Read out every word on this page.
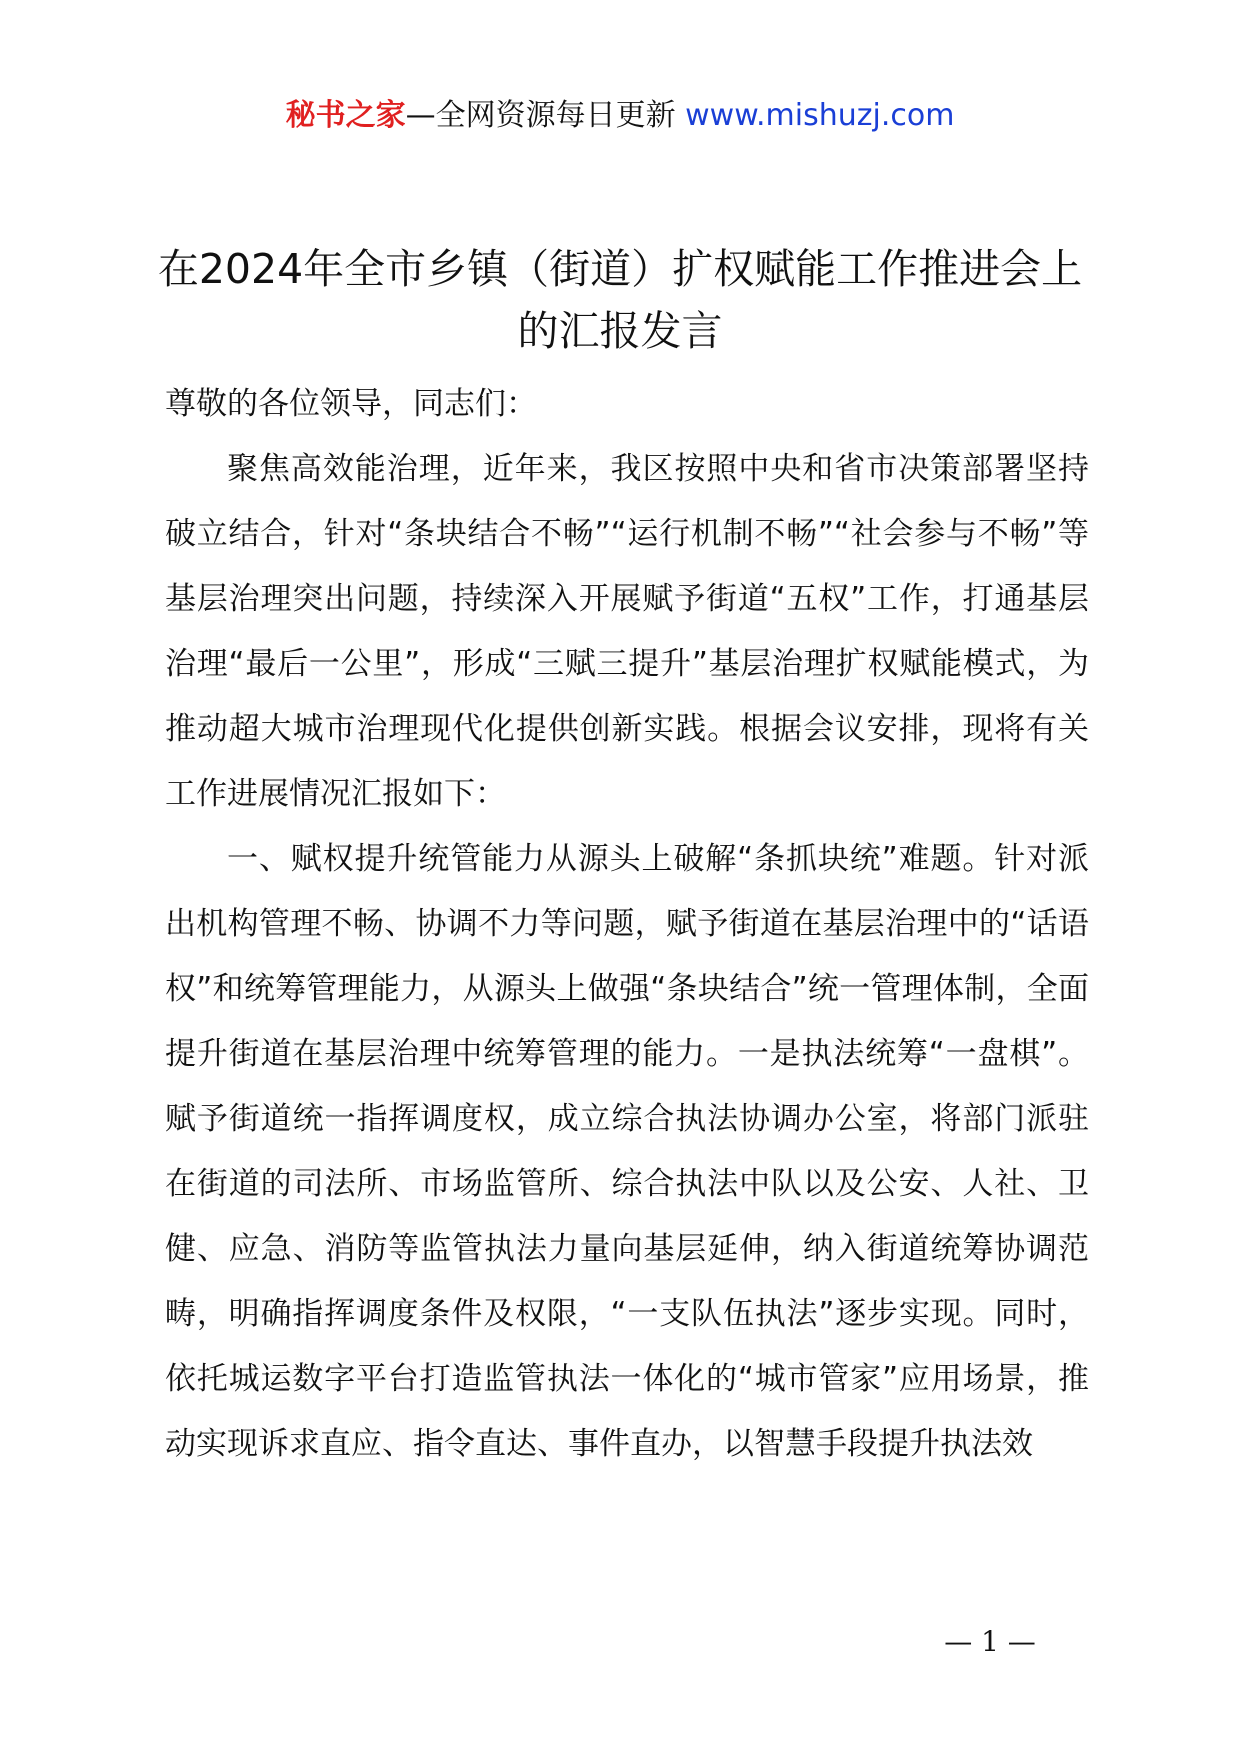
秘书之家—全网资源每日更新 www.mishuzj.com
在2024年全市乡镇（街道）扩权赋能工作推进会上的汇报发言

尊敬的各位领导，同志们：

聚焦高效能治理，近年来，我区按照中央和省市决策部署坚持破立结合，针对“条块结合不畅”“运行机制不畅”“社会参与不畅”等基层治理突出问题，持续深入开展赋予街道“五权”工作，打通基层治理“最后一公里”，形成“三赋三提升”基层治理扩权赋能模式，为推动超大城市治理现代化提供创新实践。根据会议安排，现将有关工作进展情况汇报如下：

一、赋权提升统管能力从源头上破解“条抓块统”难题。针对派出机构管理不畅、协调不力等问题，赋予街道在基层治理中的“话语权”和统筹管理能力，从源头上做强“条块结合”统一管理体制，全面提升街道在基层治理中统筹管理的能力。一是执法统筹“一盘棋”。赋予街道统一指挥调度权，成立综合执法协调办公室，将部门派驻在街道的司法所、市场监管所、综合执法中队以及公安、人社、卫健、应急、消防等监管执法力量向基层延伸，纳入街道统筹协调范畴，明确指挥调度条件及权限，“一支队伍执法”逐步实现。同时，依托城运数字平台打造监管执法一体化的“城市管家”应用场景，推动实现诉求直应、指令直达、事件直办，以智慧手段提升执法效

— 1 —
